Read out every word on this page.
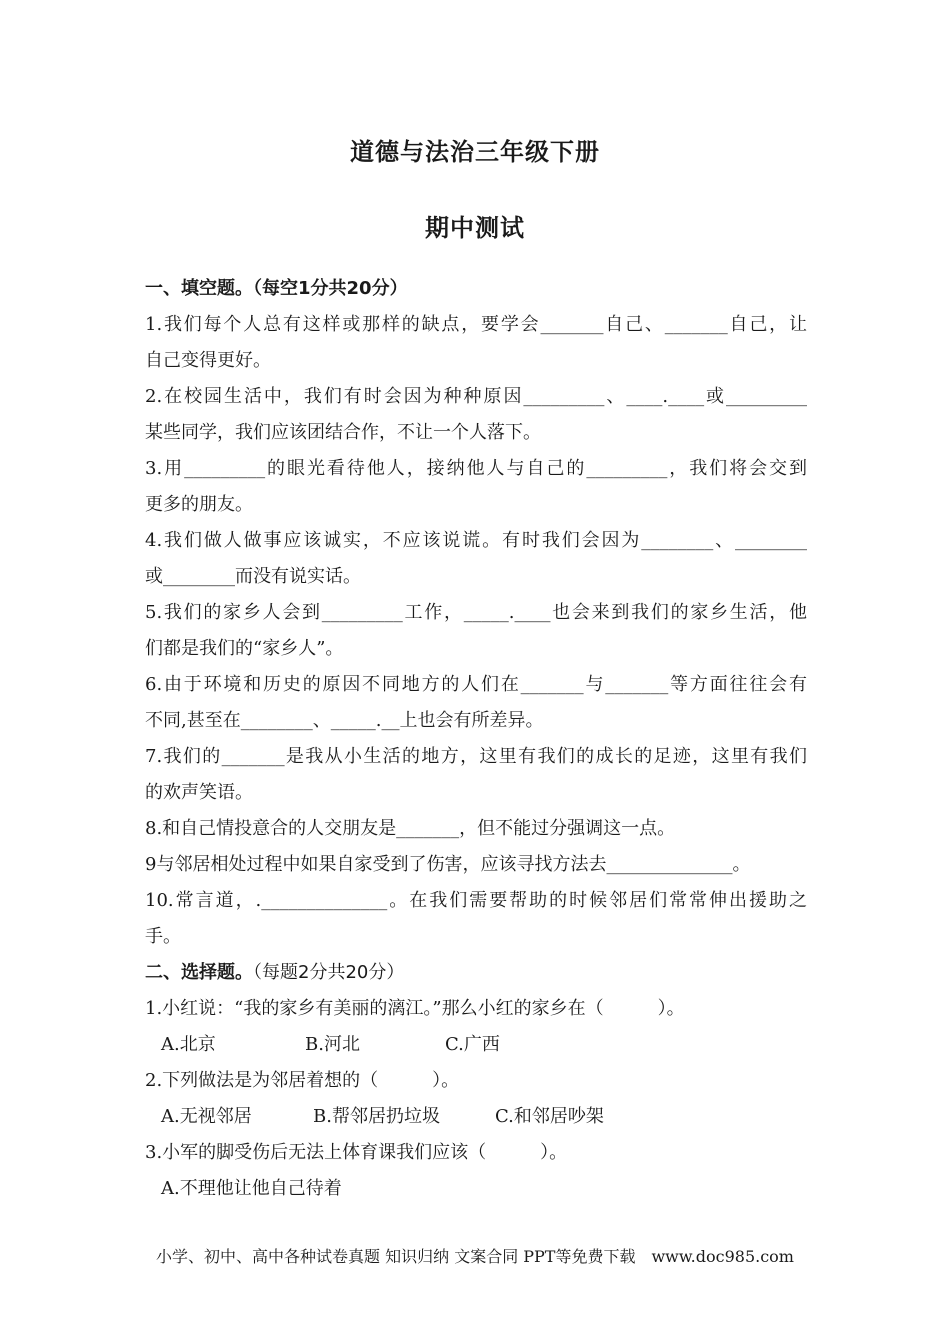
道德与法治三年级下册
期中测试
一、填空题。（每空1分共20分）
1.我们每个人总有这样或那样的缺点，要学会_______自己、_______自己，让
自己变得更好。
2.在校园生活中，我们有时会因为种种原因_________、____.____或_________
某些同学，我们应该团结合作，不让一个人落下。
3.用_________的眼光看待他人，接纳他人与自己的_________，我们将会交到
更多的朋友。
4.我们做人做事应该诚实，不应该说谎。有时我们会因为________、________
或________而没有说实话。
5.我们的家乡人会到_________工作，_____.____也会来到我们的家乡生活，他
们都是我们的“家乡人”。
6.由于环境和历史的原因不同地方的人们在_______与_______等方面往往会有
不同,甚至在________、_____.__上也会有所差异。
7.我们的_______是我从小生活的地方，这里有我们的成长的足迹，这里有我们
的欢声笑语。
8.和自己情投意合的人交朋友是_______，但不能过分强调这一点。
9与邻居相处过程中如果自家受到了伤害，应该寻找方法去______________。
10.常言道，.______________。在我们需要帮助的时候邻居们常常伸出援助之
手。
二、选择题。（每题2分共20分）
1.小红说：“我的家乡有美丽的漓江。”那么小红的家乡在（　　　）。
A.北京	B.河北	C.广西
2.下列做法是为邻居着想的（　　　）。
A.无视邻居	B.帮邻居扔垃圾	C.和邻居吵架
3.小军的脚受伤后无法上体育课我们应该（　　　）。
A.不理他让他自己待着
小学、初中、高中各种试卷真题 知识归纳 文案合同 PPT等免费下载　www.doc985.com
